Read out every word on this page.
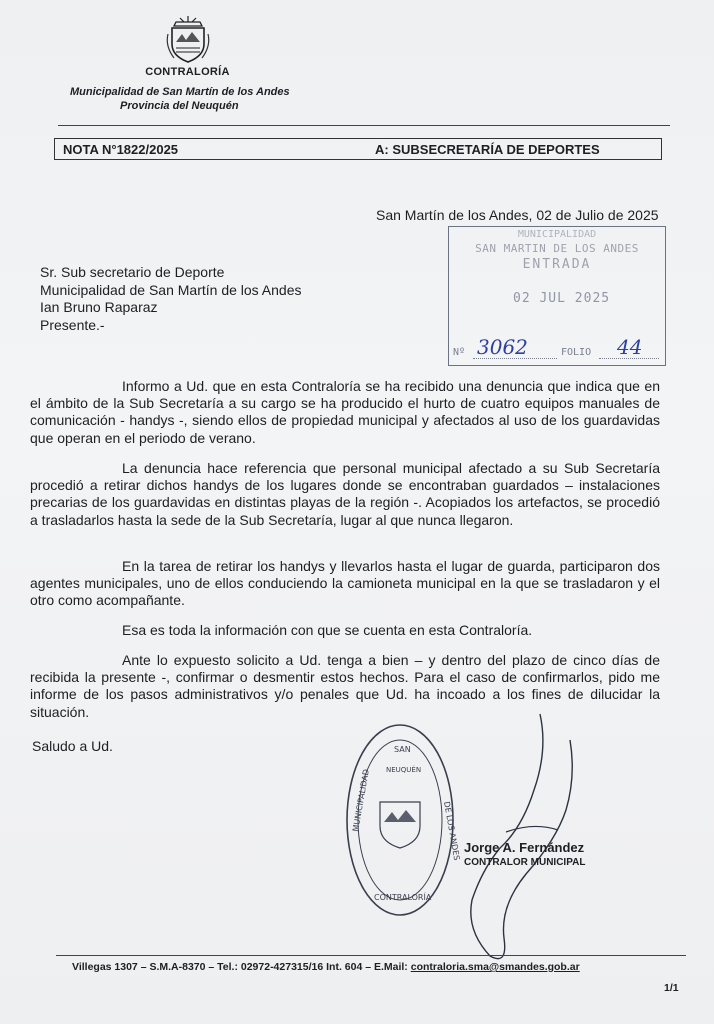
CONTRALORÍA
Municipalidad de San Martín de los Andes
Provincia del Neuquén
NOTA N°1822/2025	A: SUBSECRETARÍA DE DEPORTES
San Martín de los Andes, 02 de Julio de 2025
MUNICIPALIDAD
SAN MARTIN DE LOS ANDES
ENTRADA
02 JUL 2025
Nº 3062	FOLIO 44
Sr. Sub secretario de Deporte
Municipalidad de San Martín de los Andes
Ian Bruno Raparaz
Presente.-
Informo a Ud. que en esta Contraloría se ha recibido una denuncia que indica que en el ámbito de la Sub Secretaría a su cargo se ha producido el hurto de cuatro equipos manuales de comunicación - handys -, siendo ellos de propiedad municipal y afectados al uso de los guardavidas que operan en el periodo de verano.
La denuncia hace referencia que personal municipal afectado a su Sub Secretaría procedió a retirar dichos handys de los lugares donde se encontraban guardados – instalaciones precarias de los guardavidas en distintas playas de la región -. Acopiados los artefactos, se procedió a trasladarlos hasta la sede de la Sub Secretaría, lugar al que nunca llegaron.
En la tarea de retirar los handys y llevarlos hasta el lugar de guarda, participaron dos agentes municipales, uno de ellos conduciendo la camioneta municipal en la que se trasladaron y el otro como acompañante.
Esa es toda la información con que se cuenta en esta Contraloría.
Ante lo expuesto solicito a Ud. tenga a bien – y dentro del plazo de cinco días de recibida la presente -, confirmar o desmentir estos hechos. Para el caso de confirmarlos, pido me informe de los pasos administrativos y/o penales que Ud. ha incoado a los fines de dilucidar la situación.
Saludo a Ud.
MUNICIPALIDAD
SAN
DE LOS ANDES
NEUQUÉN
CONTRALORÍA
Jorge A. Fernández
CONTRALOR MUNICIPAL
Villegas 1307 – S.M.A-8370 – Tel.: 02972-427315/16 Int. 604 – E.Mail: contraloria.sma@smandes.gob.ar
1/1
